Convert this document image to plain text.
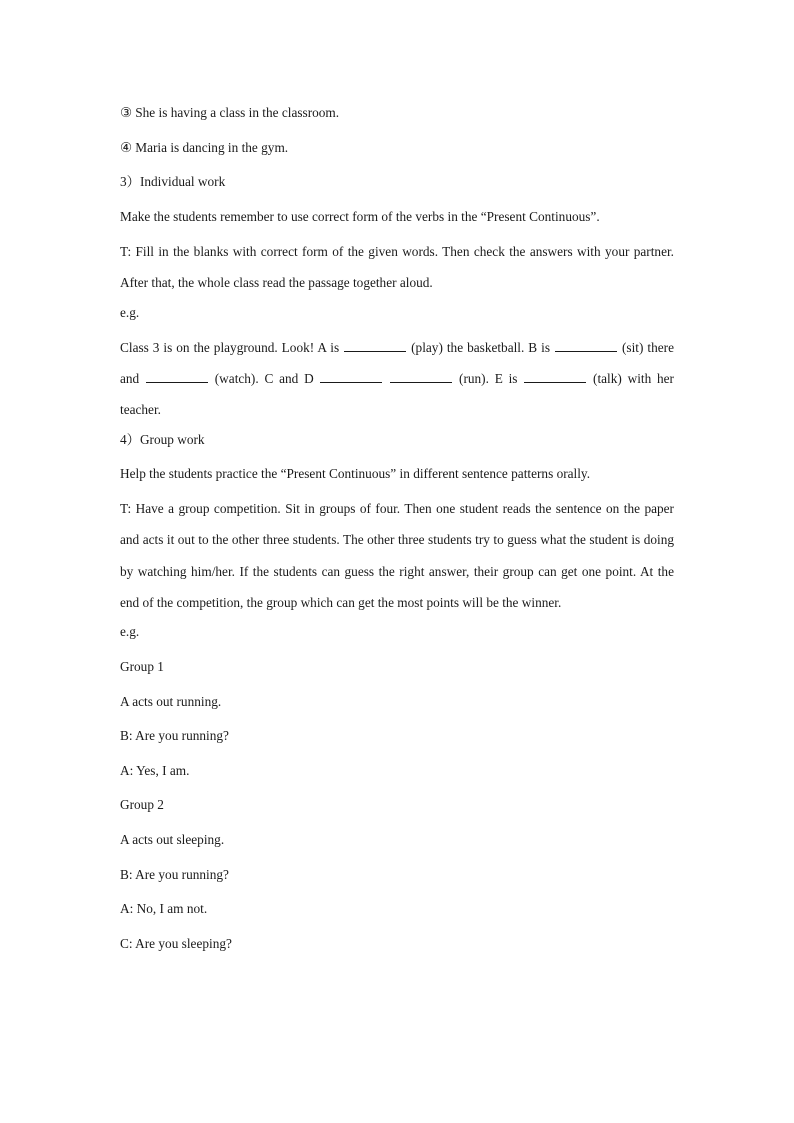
③ She is having a class in the classroom.
④ Maria is dancing in the gym.
3）Individual work
Make the students remember to use correct form of the verbs in the “Present Continuous”.
T: Fill in the blanks with correct form of the given words. Then check the answers with your partner. After that, the whole class read the passage together aloud.
e.g.
Class 3 is on the playground. Look! A is	(play) the basketball. B is	(sit) there and	(watch). C and D	(run). E is	(talk) with her teacher.
4）Group work
Help the students practice the “Present Continuous” in different sentence patterns orally.
T: Have a group competition. Sit in groups of four. Then one student reads the sentence on the paper and acts it out to the other three students. The other three students try to guess what the student is doing by watching him/her. If the students can guess the right answer, their group can get one point. At the end of the competition, the group which can get the most points will be the winner.
e.g.
Group 1
A acts out running.
B: Are you running?
A: Yes, I am.
Group 2
A acts out sleeping.
B: Are you running?
A: No, I am not.
C: Are you sleeping?
